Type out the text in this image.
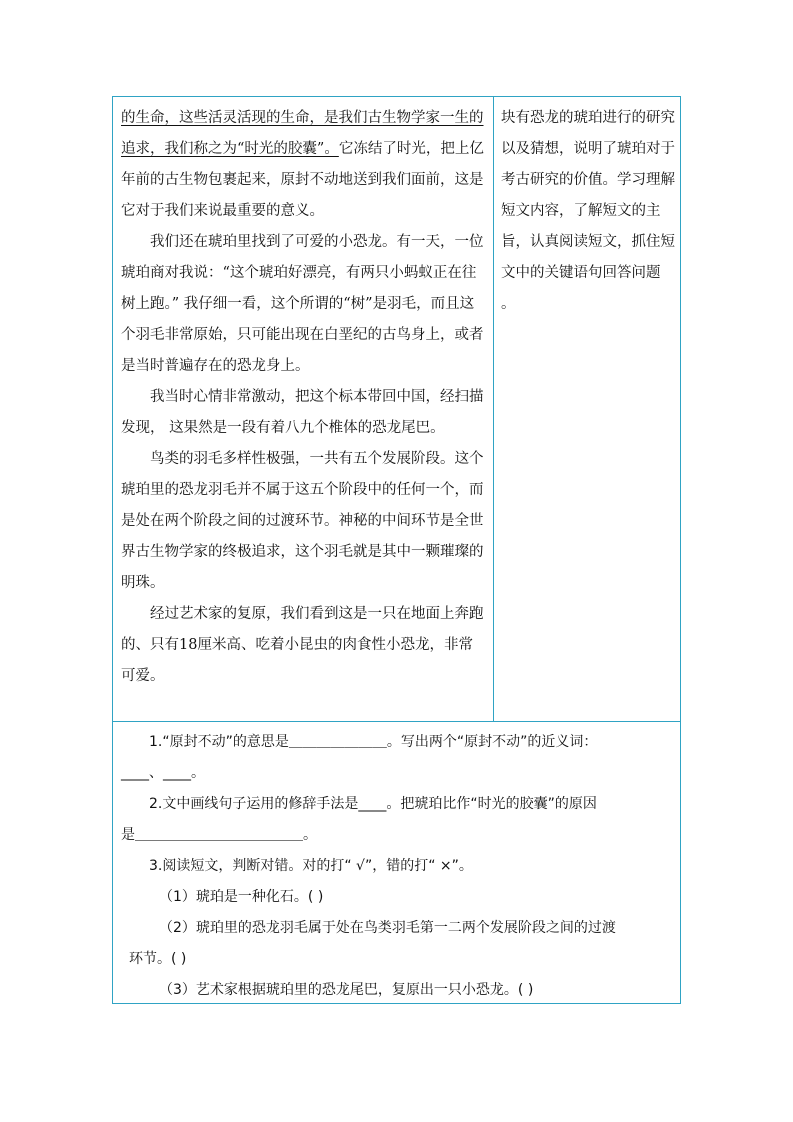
的生命，这些活灵活现的生命，是我们古生物学家一生的追求，我们称之为“时光的胶囊”。它冻结了时光，把上亿年前的古生物包裹起来，原封不动地送到我们面前，这是它对于我们来说最重要的意义。

我们还在琥珀里找到了可爱的小恐龙。有一天，一位琥珀商对我说：“这个琥珀好漂亮，有两只小蚂蚁正在往树上跑。” 我仔细一看，这个所谓的“树”是羽毛，而且这个羽毛非常原始，只可能出现在白垩纪的古鸟身上，或者是当时普遍存在的恐龙身上。

我当时心情非常激动，把这个标本带回中国，经扫描发现， 这果然是一段有着八九个椎体的恐龙尾巴。

鸟类的羽毛多样性极强，一共有五个发展阶段。这个琥珀里的恐龙羽毛并不属于这五个阶段中的任何一个，而是处在两个阶段之间的过渡环节。神秘的中间环节是全世界古生物学家的终极追求，这个羽毛就是其中一颗璀璨的明珠。

经过艺术家的复原，我们看到这是一只在地面上奔跑的、只有18厘米高、吃着小昆虫的肉食性小恐龙，非常可爱。

块有恐龙的琥珀进行的研究以及猜想，说明了琥珀对于考古研究的价值。学习理解短文内容，了解短文的主旨，认真阅读短文，抓住短文中的关键语句回答问题 。

1.“原封不动”的意思是＿＿＿＿＿＿＿。写出两个“原封不动”的近义词：

____、____。

2.文中画线句子运用的修辞手法是____。把琥珀比作“时光的胶囊”的原因

是＿＿＿＿＿＿＿＿＿＿＿＿。

3.阅读短文，判断对错。对的打“ √”，错的打“ ×”。

（1）琥珀是一种化石。( )

（2）琥珀里的恐龙羽毛属于处在鸟类羽毛第一二两个发展阶段之间的过渡

环节。( )

（3）艺术家根据琥珀里的恐龙尾巴，复原出一只小恐龙。( )
